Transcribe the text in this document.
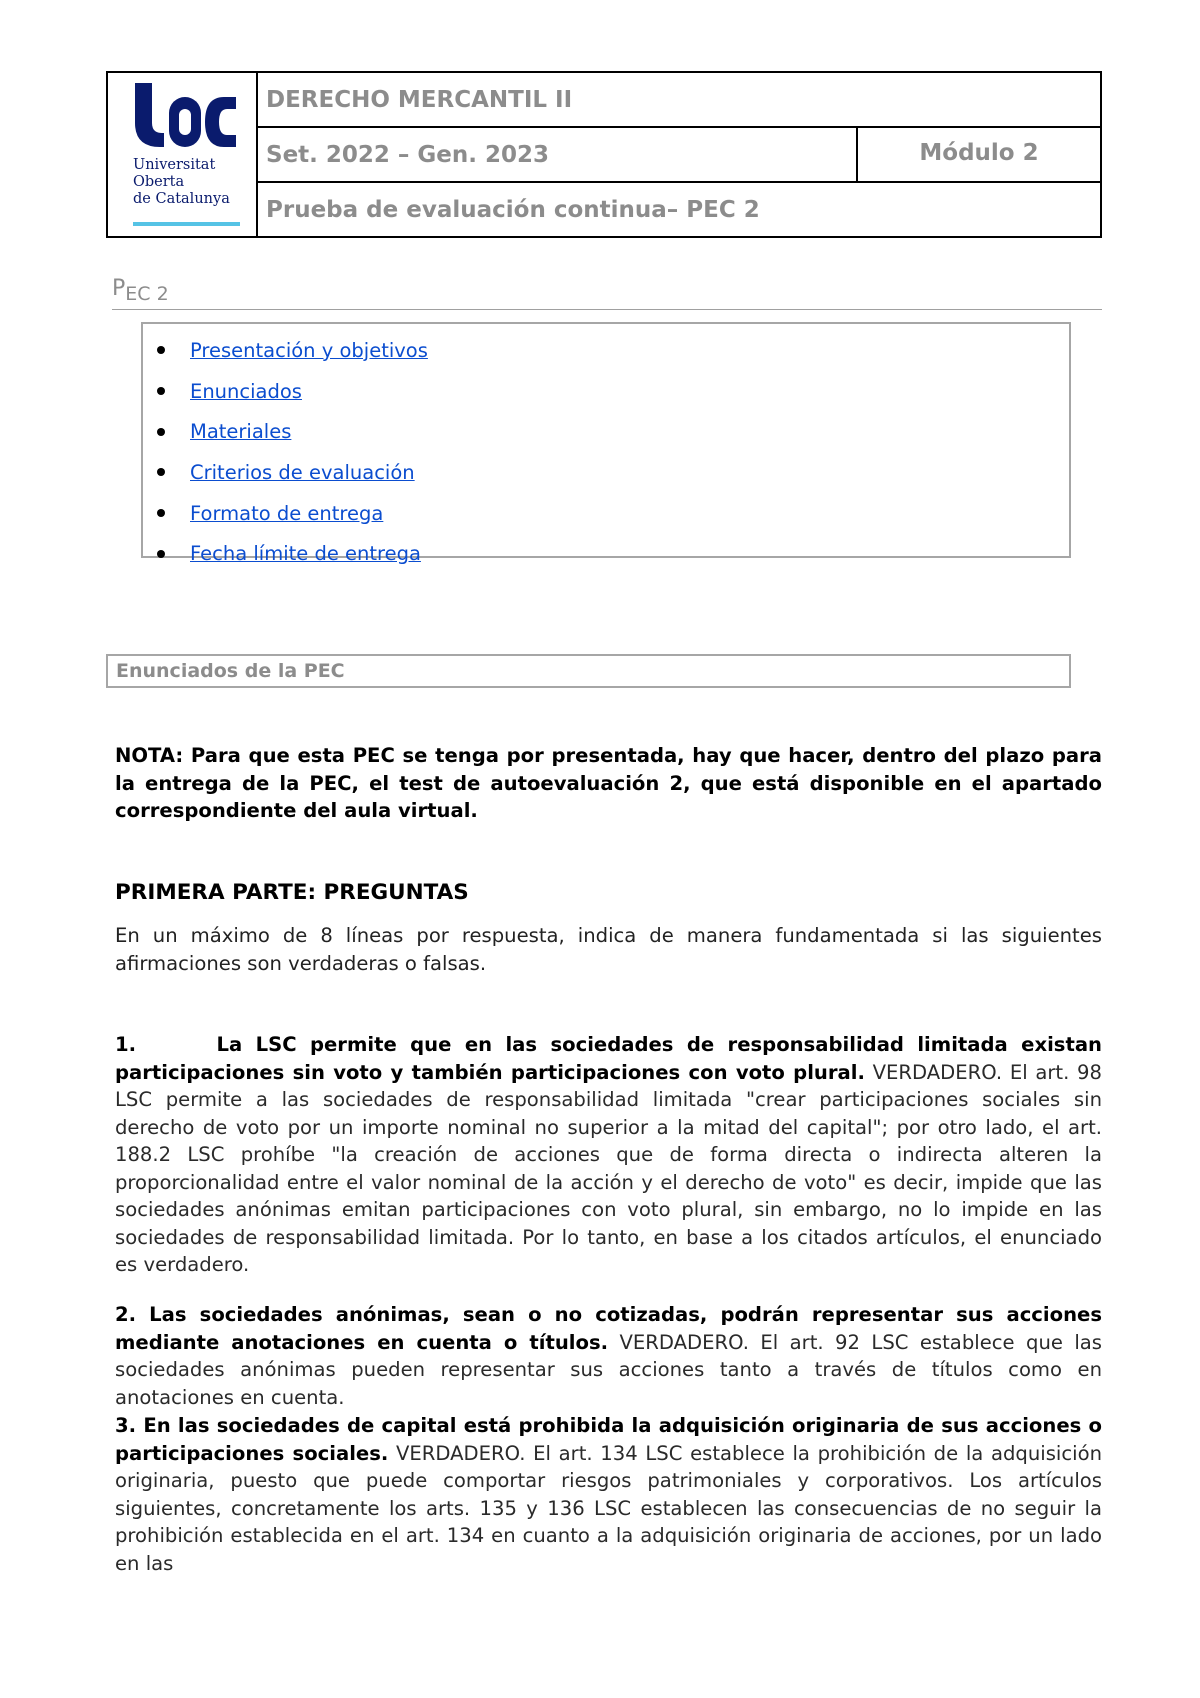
Universitat
Oberta
de Catalunya
DERECHO MERCANTIL II
Set. 2022 – Gen. 2023	Módulo 2
Prueba de evaluación continua– PEC 2
PEC 2
Presentación y objetivos
Enunciados
Materiales
Criterios de evaluación
Formato de entrega
Fecha límite de entrega
Enunciados de la PEC
NOTA: Para que esta PEC se tenga por presentada, hay que hacer, dentro del plazo para la entrega de la PEC, el test de autoevaluación 2, que está disponible en el apartado correspondiente del aula virtual.
PRIMERA PARTE: PREGUNTAS
En un máximo de 8 líneas por respuesta, indica de manera fundamentada si las siguientes afirmaciones son verdaderas o falsas.
1.      La LSC permite que en las sociedades de responsabilidad limitada existan participaciones sin voto y también participaciones con voto plural. VERDADERO. El art. 98 LSC permite a las sociedades de responsabilidad limitada "crear participaciones sociales sin derecho de voto por un importe nominal no superior a la mitad del capital"; por otro lado, el art. 188.2 LSC prohíbe "la creación de acciones que de forma directa o indirecta alteren la proporcionalidad entre el valor nominal de la acción y el derecho de voto" es decir, impide que las sociedades anónimas emitan participaciones con voto plural, sin embargo, no lo impide en las sociedades de responsabilidad limitada. Por lo tanto, en base a los citados artículos, el enunciado es verdadero.
2. Las sociedades anónimas, sean o no cotizadas, podrán representar sus acciones mediante anotaciones en cuenta o títulos. VERDADERO. El art. 92 LSC establece que las sociedades anónimas pueden representar sus acciones tanto a través de títulos como en anotaciones en cuenta.
3. En las sociedades de capital está prohibida la adquisición originaria de sus acciones o participaciones sociales. VERDADERO. El art. 134 LSC establece la prohibición de la adquisición originaria, puesto que puede comportar riesgos patrimoniales y corporativos. Los artículos siguientes, concretamente los arts. 135 y 136 LSC establecen las consecuencias de no seguir la prohibición establecida en el art. 134 en cuanto a la adquisición originaria de acciones, por un lado en las
